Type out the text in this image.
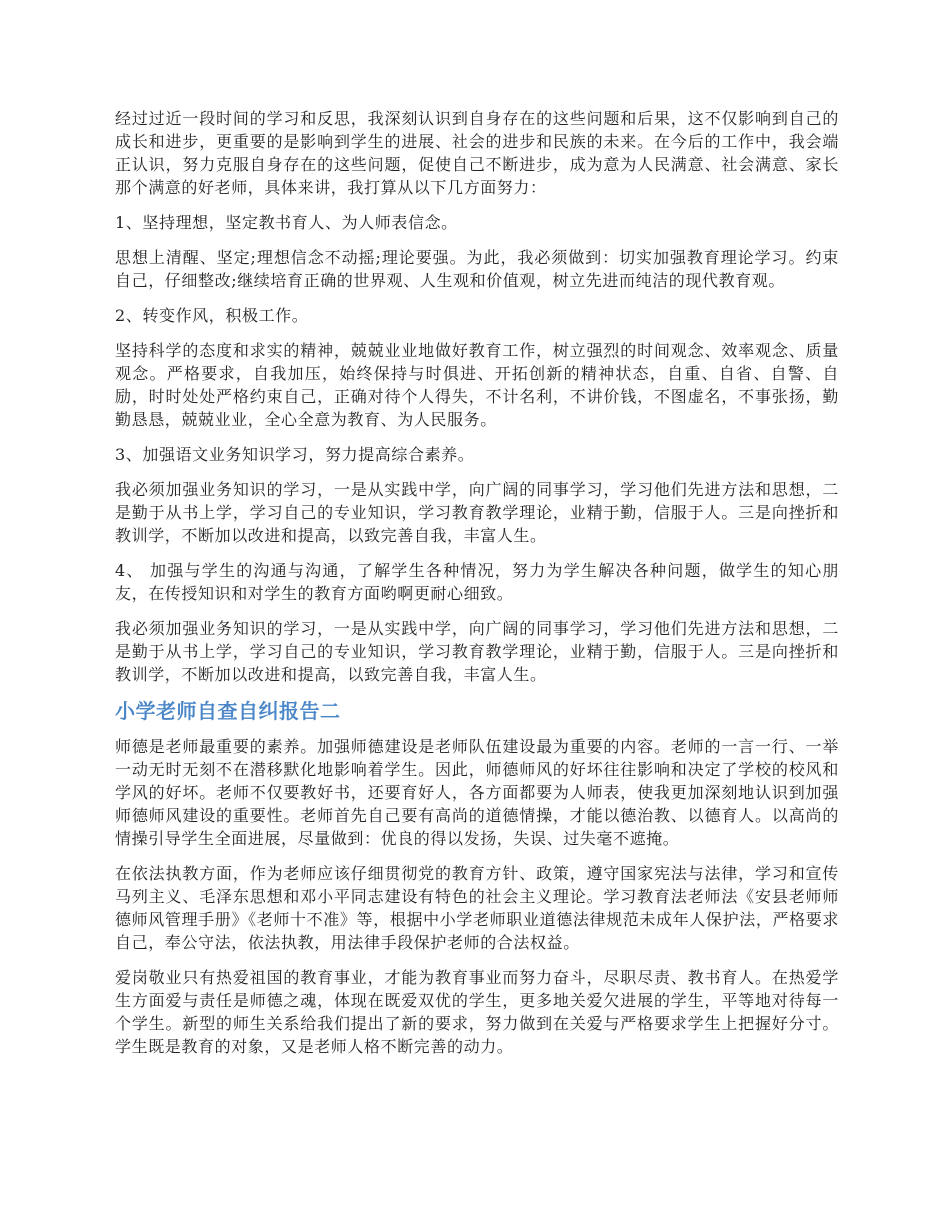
经过过近一段时间的学习和反思，我深刻认识到自身存在的这些问题和后果，这不仅影响到自己的成长和进步，更重要的是影响到学生的进展、社会的进步和民族的未来。在今后的工作中，我会端正认识，努力克服自身存在的这些问题，促使自己不断进步，成为意为人民满意、社会满意、家长那个满意的好老师，具体来讲，我打算从以下几方面努力：

1、坚持理想，坚定教书育人、为人师表信念。

思想上清醒、坚定;理想信念不动摇;理论要强。为此，我必须做到：切实加强教育理论学习。约束自己，仔细整改;继续培育正确的世界观、人生观和价值观，树立先进而纯洁的现代教育观。

2、转变作风，积极工作。

坚持科学的态度和求实的精神，兢兢业业地做好教育工作，树立强烈的时间观念、效率观念、质量观念。严格要求，自我加压，始终保持与时俱进、开拓创新的精神状态，自重、自省、自警、自励，时时处处严格约束自己，正确对待个人得失，不计名利，不讲价钱，不图虚名，不事张扬，勤勤恳恳，兢兢业业，全心全意为教育、为人民服务。

3、加强语文业务知识学习，努力提高综合素养。

我必须加强业务知识的学习，一是从实践中学，向广阔的同事学习，学习他们先进方法和思想，二是勤于从书上学，学习自己的专业知识，学习教育教学理论，业精于勤，信服于人。三是向挫折和教训学，不断加以改进和提高，以致完善自我，丰富人生。

4、 加强与学生的沟通与沟通，了解学生各种情况，努力为学生解决各种问题，做学生的知心朋友，在传授知识和对学生的教育方面哟啊更耐心细致。

我必须加强业务知识的学习，一是从实践中学，向广阔的同事学习，学习他们先进方法和思想，二是勤于从书上学，学习自己的专业知识，学习教育教学理论，业精于勤，信服于人。三是向挫折和教训学，不断加以改进和提高，以致完善自我，丰富人生。

小学老师自查自纠报告二

师德是老师最重要的素养。加强师德建设是老师队伍建设最为重要的内容。老师的一言一行、一举一动无时无刻不在潜移默化地影响着学生。因此，师德师风的好坏往往影响和决定了学校的校风和学风的好坏。老师不仅要教好书，还要育好人，各方面都要为人师表，使我更加深刻地认识到加强师德师风建设的重要性。老师首先自己要有高尚的道德情操，才能以德治教、以德育人。以高尚的情操引导学生全面进展，尽量做到：优良的得以发扬，失误、过失毫不遮掩。

在依法执教方面，作为老师应该仔细贯彻党的教育方针、政策，遵守国家宪法与法律，学习和宣传马列主义、毛泽东思想和邓小平同志建设有特色的社会主义理论。学习教育法老师法《安县老师师德师风管理手册》《老师十不准》等，根据中小学老师职业道德法律规范未成年人保护法，严格要求自己，奉公守法，依法执教，用法律手段保护老师的合法权益。

爱岗敬业只有热爱祖国的教育事业，才能为教育事业而努力奋斗，尽职尽责、教书育人。在热爱学生方面爱与责任是师德之魂，体现在既爱双优的学生，更多地关爱欠进展的学生，平等地对待每一个学生。新型的师生关系给我们提出了新的要求，努力做到在关爱与严格要求学生上把握好分寸。学生既是教育的对象，又是老师人格不断完善的动力。
